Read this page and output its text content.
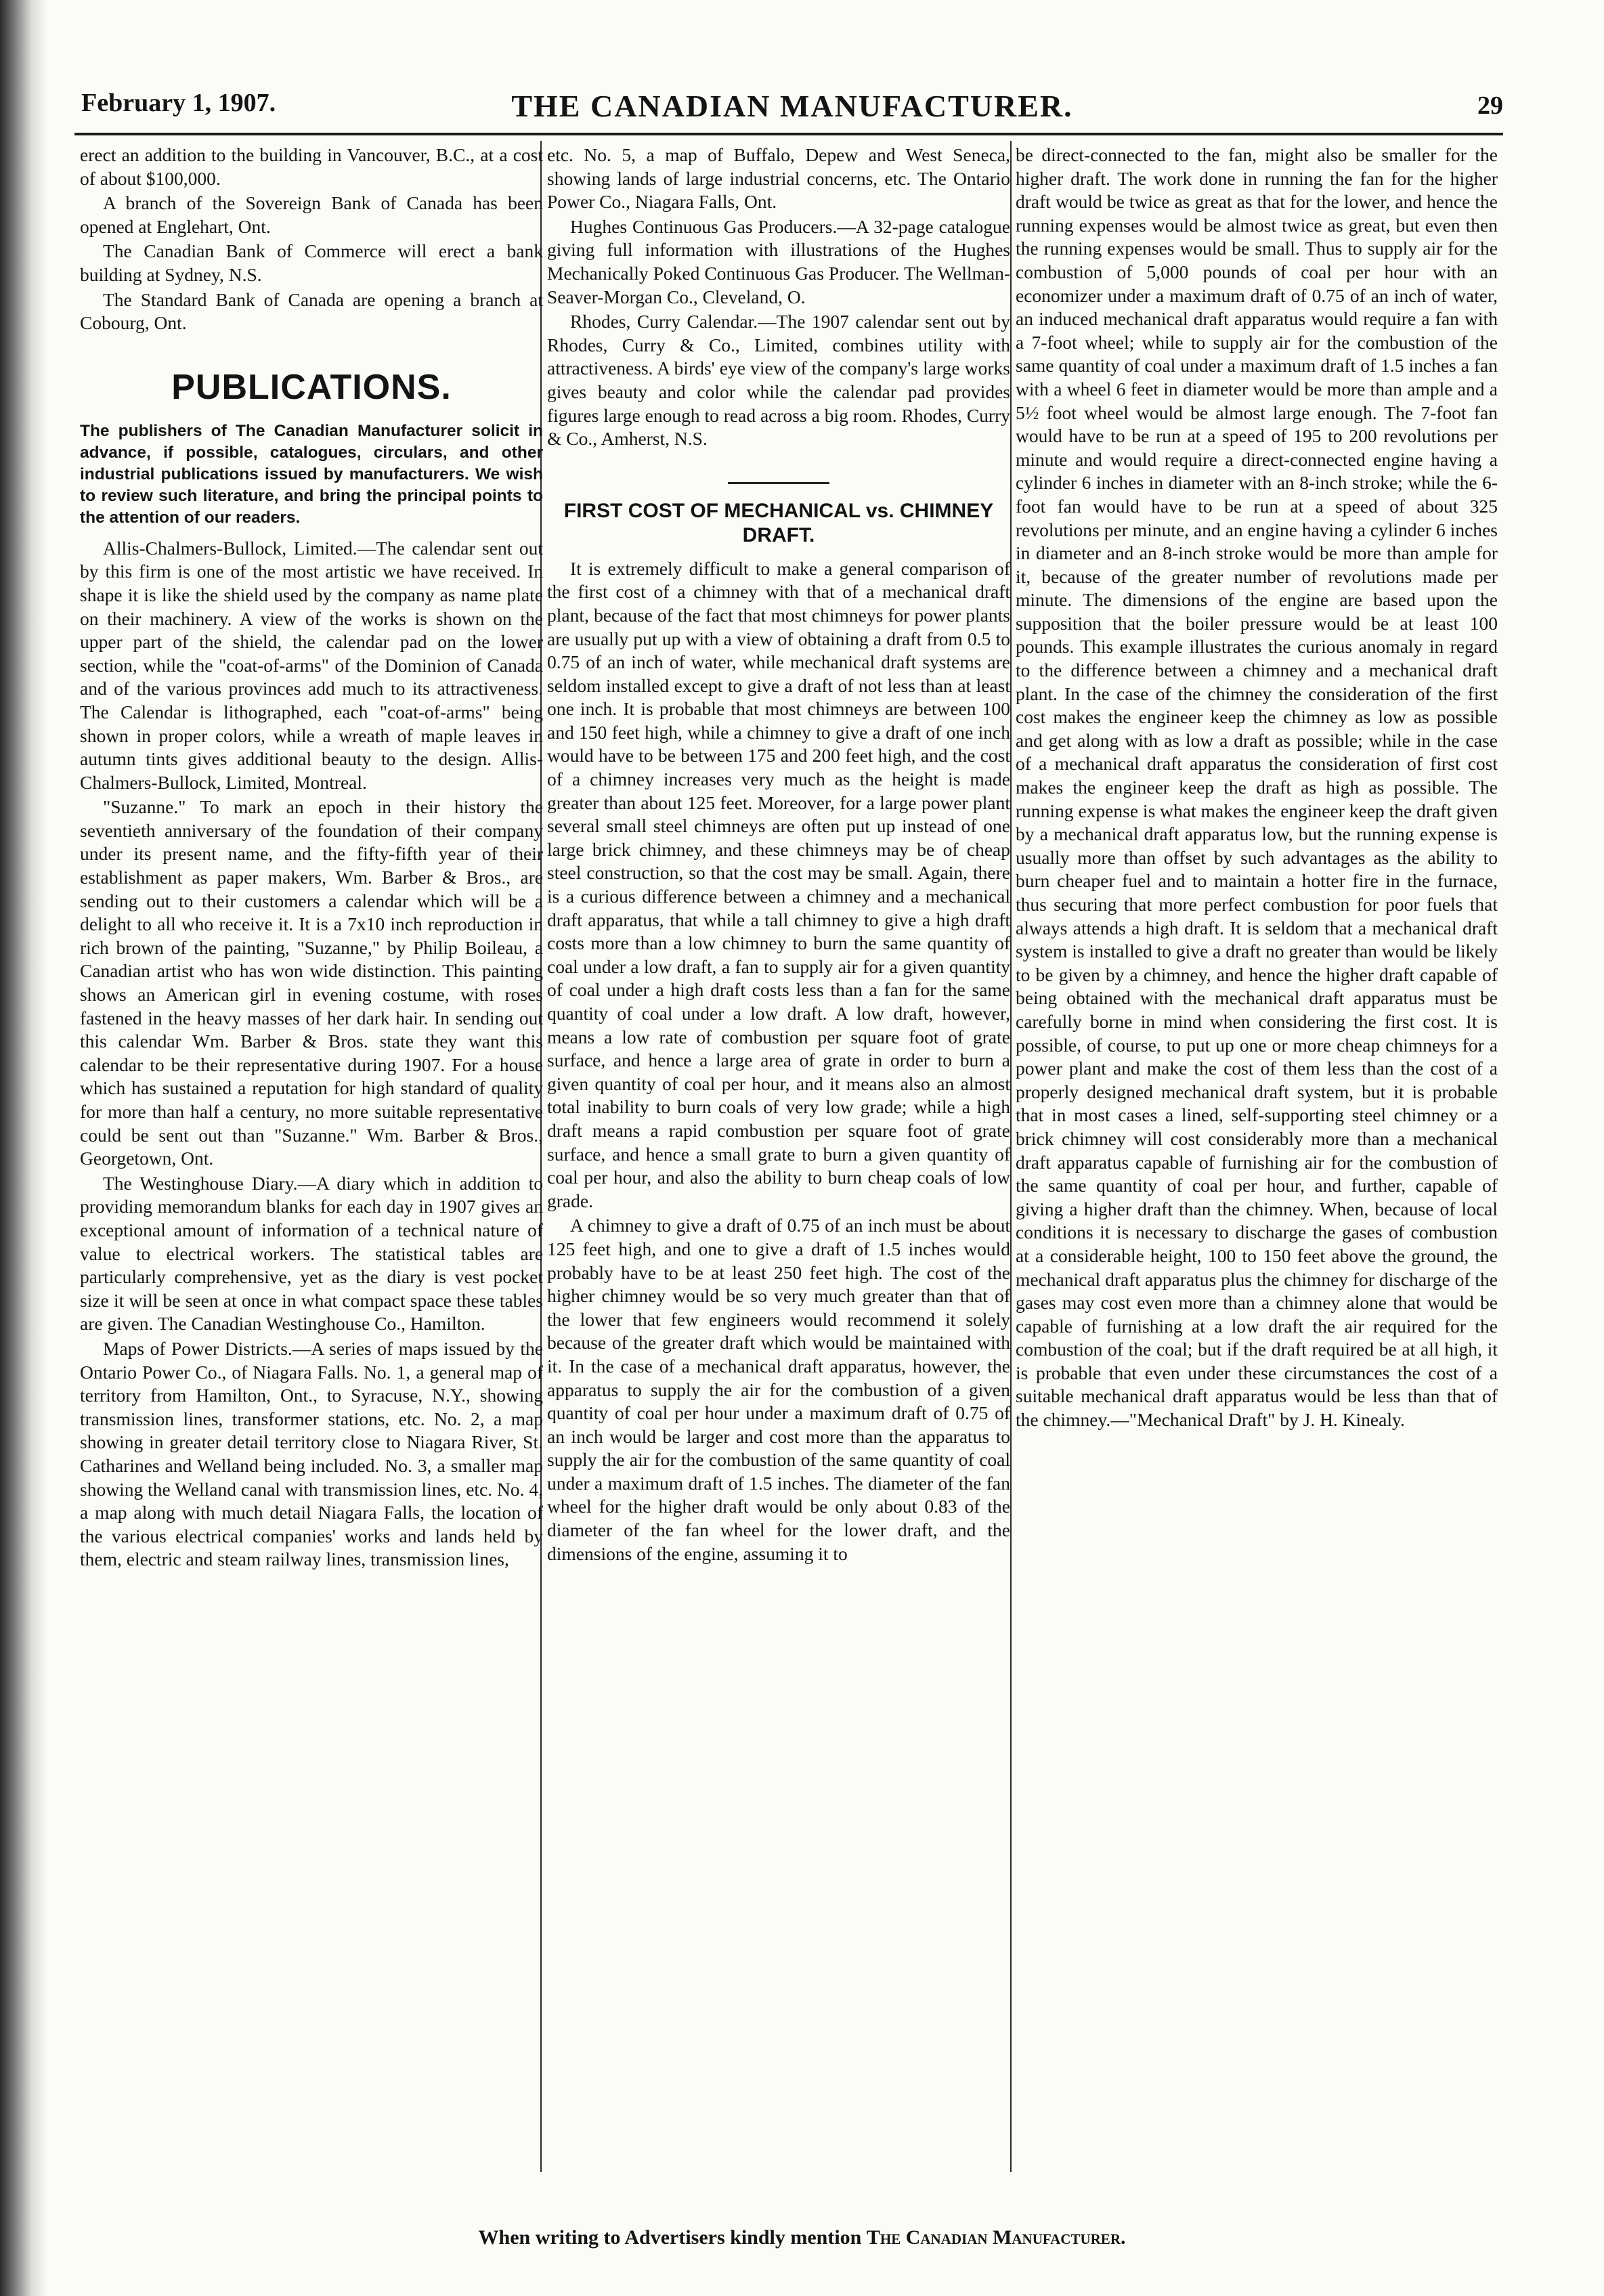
February 1, 1907.	THE CANADIAN MANUFACTURER.	29

erect an addition to the building in Vancouver, B.C., at a cost of about $100,000.

A branch of the Sovereign Bank of Canada has been opened at Englehart, Ont.

The Canadian Bank of Commerce will erect a bank building at Sydney, N.S.

The Standard Bank of Canada are opening a branch at Cobourg, Ont.

PUBLICATIONS.
The publishers of The Canadian Manufacturer solicit in advance, if possible, catalogues, circulars, and other industrial publications issued by manufacturers. We wish to review such literature, and bring the principal points to the attention of our readers.

Allis-Chalmers-Bullock, Limited.—The calendar sent out by this firm is one of the most artistic we have received. In shape it is like the shield used by the company as name plate on their machinery. A view of the works is shown on the upper part of the shield, the calendar pad on the lower section, while the "coat-of-arms" of the Dominion of Canada and of the various provinces add much to its attractiveness. The Calendar is lithographed, each "coat-of-arms" being shown in proper colors, while a wreath of maple leaves in autumn tints gives additional beauty to the design. Allis-Chalmers-Bullock, Limited, Montreal.

"Suzanne." To mark an epoch in their history the seventieth anniversary of the foundation of their company under its present name, and the fifty-fifth year of their establishment as paper makers, Wm. Barber & Bros., are sending out to their customers a calendar which will be a delight to all who receive it. It is a 7x10 inch reproduction in rich brown of the painting, "Suzanne," by Philip Boileau, a Canadian artist who has won wide distinction. This painting shows an American girl in evening costume, with roses fastened in the heavy masses of her dark hair. In sending out this calendar Wm. Barber & Bros. state they want this calendar to be their representative during 1907. For a house which has sustained a reputation for high standard of quality for more than half a century, no more suitable representative could be sent out than "Suzanne." Wm. Barber & Bros., Georgetown, Ont.

The Westinghouse Diary.—A diary which in addition to providing memorandum blanks for each day in 1907 gives an exceptional amount of information of a technical nature of value to electrical workers. The statistical tables are particularly comprehensive, yet as the diary is vest pocket size it will be seen at once in what compact space these tables are given. The Canadian Westinghouse Co., Hamilton.

Maps of Power Districts.—A series of maps issued by the Ontario Power Co., of Niagara Falls. No. 1, a general map of territory from Hamilton, Ont., to Syracuse, N.Y., showing transmission lines, transformer stations, etc. No. 2, a map showing in greater detail territory close to Niagara River, St. Catharines and Welland being included. No. 3, a smaller map showing the Welland canal with transmission lines, etc. No. 4, a map along with much detail Niagara Falls, the location of the various electrical companies' works and lands held by them, electric and steam railway lines, transmission lines,

etc. No. 5, a map of Buffalo, Depew and West Seneca, showing lands of large industrial concerns, etc. The Ontario Power Co., Niagara Falls, Ont.

Hughes Continuous Gas Producers.—A 32-page catalogue giving full information with illustrations of the Hughes Mechanically Poked Continuous Gas Producer. The Wellman-Seaver-Morgan Co., Cleveland, O.

Rhodes, Curry Calendar.—The 1907 calendar sent out by Rhodes, Curry & Co., Limited, combines utility with attractiveness. A birds' eye view of the company's large works gives beauty and color while the calendar pad provides figures large enough to read across a big room. Rhodes, Curry & Co., Amherst, N.S.

FIRST COST OF MECHANICAL vs. CHIMNEY DRAFT.

It is extremely difficult to make a general comparison of the first cost of a chimney with that of a mechanical draft plant, because of the fact that most chimneys for power plants are usually put up with a view of obtaining a draft from 0.5 to 0.75 of an inch of water, while mechanical draft systems are seldom installed except to give a draft of not less than at least one inch. It is probable that most chimneys are between 100 and 150 feet high, while a chimney to give a draft of one inch would have to be between 175 and 200 feet high, and the cost of a chimney increases very much as the height is made greater than about 125 feet. Moreover, for a large power plant several small steel chimneys are often put up instead of one large brick chimney, and these chimneys may be of cheap steel construction, so that the cost may be small. Again, there is a curious difference between a chimney and a mechanical draft apparatus, that while a tall chimney to give a high draft costs more than a low chimney to burn the same quantity of coal under a low draft, a fan to supply air for a given quantity of coal under a high draft costs less than a fan for the same quantity of coal under a low draft. A low draft, however, means a low rate of combustion per square foot of grate surface, and hence a large area of grate in order to burn a given quantity of coal per hour, and it means also an almost total inability to burn coals of very low grade; while a high draft means a rapid combustion per square foot of grate surface, and hence a small grate to burn a given quantity of coal per hour, and also the ability to burn cheap coals of low grade.

A chimney to give a draft of 0.75 of an inch must be about 125 feet high, and one to give a draft of 1.5 inches would probably have to be at least 250 feet high. The cost of the higher chimney would be so very much greater than that of the lower that few engineers would recommend it solely because of the greater draft which would be maintained with it. In the case of a mechanical draft apparatus, however, the apparatus to supply the air for the combustion of a given quantity of coal per hour under a maximum draft of 0.75 of an inch would be larger and cost more than the apparatus to supply the air for the combustion of the same quantity of coal under a maximum draft of 1.5 inches. The diameter of the fan wheel for the higher draft would be only about 0.83 of the diameter of the fan wheel for the lower draft, and the dimensions of the engine, assuming it to

be direct-connected to the fan, might also be smaller for the higher draft. The work done in running the fan for the higher draft would be twice as great as that for the lower, and hence the running expenses would be almost twice as great, but even then the running expenses would be small. Thus to supply air for the combustion of 5,000 pounds of coal per hour with an economizer under a maximum draft of 0.75 of an inch of water, an induced mechanical draft apparatus would require a fan with a 7-foot wheel; while to supply air for the combustion of the same quantity of coal under a maximum draft of 1.5 inches a fan with a wheel 6 feet in diameter would be more than ample and a 5½ foot wheel would be almost large enough. The 7-foot fan would have to be run at a speed of 195 to 200 revolutions per minute and would require a direct-connected engine having a cylinder 6 inches in diameter with an 8-inch stroke; while the 6-foot fan would have to be run at a speed of about 325 revolutions per minute, and an engine having a cylinder 6 inches in diameter and an 8-inch stroke would be more than ample for it, because of the greater number of revolutions made per minute. The dimensions of the engine are based upon the supposition that the boiler pressure would be at least 100 pounds. This example illustrates the curious anomaly in regard to the difference between a chimney and a mechanical draft plant. In the case of the chimney the consideration of the first cost makes the engineer keep the chimney as low as possible and get along with as low a draft as possible; while in the case of a mechanical draft apparatus the consideration of first cost makes the engineer keep the draft as high as possible. The running expense is what makes the engineer keep the draft given by a mechanical draft apparatus low, but the running expense is usually more than offset by such advantages as the ability to burn cheaper fuel and to maintain a hotter fire in the furnace, thus securing that more perfect combustion for poor fuels that always attends a high draft. It is seldom that a mechanical draft system is installed to give a draft no greater than would be likely to be given by a chimney, and hence the higher draft capable of being obtained with the mechanical draft apparatus must be carefully borne in mind when considering the first cost. It is possible, of course, to put up one or more cheap chimneys for a power plant and make the cost of them less than the cost of a properly designed mechanical draft system, but it is probable that in most cases a lined, self-supporting steel chimney or a brick chimney will cost considerably more than a mechanical draft apparatus capable of furnishing air for the combustion of the same quantity of coal per hour, and further, capable of giving a higher draft than the chimney. When, because of local conditions it is necessary to discharge the gases of combustion at a considerable height, 100 to 150 feet above the ground, the mechanical draft apparatus plus the chimney for discharge of the gases may cost even more than a chimney alone that would be capable of furnishing at a low draft the air required for the combustion of the coal; but if the draft required be at all high, it is probable that even under these circumstances the cost of a suitable mechanical draft apparatus would be less than that of the chimney.—"Mechanical Draft" by J. H. Kinealy.

When writing to Advertisers kindly mention The Canadian Manufacturer.
